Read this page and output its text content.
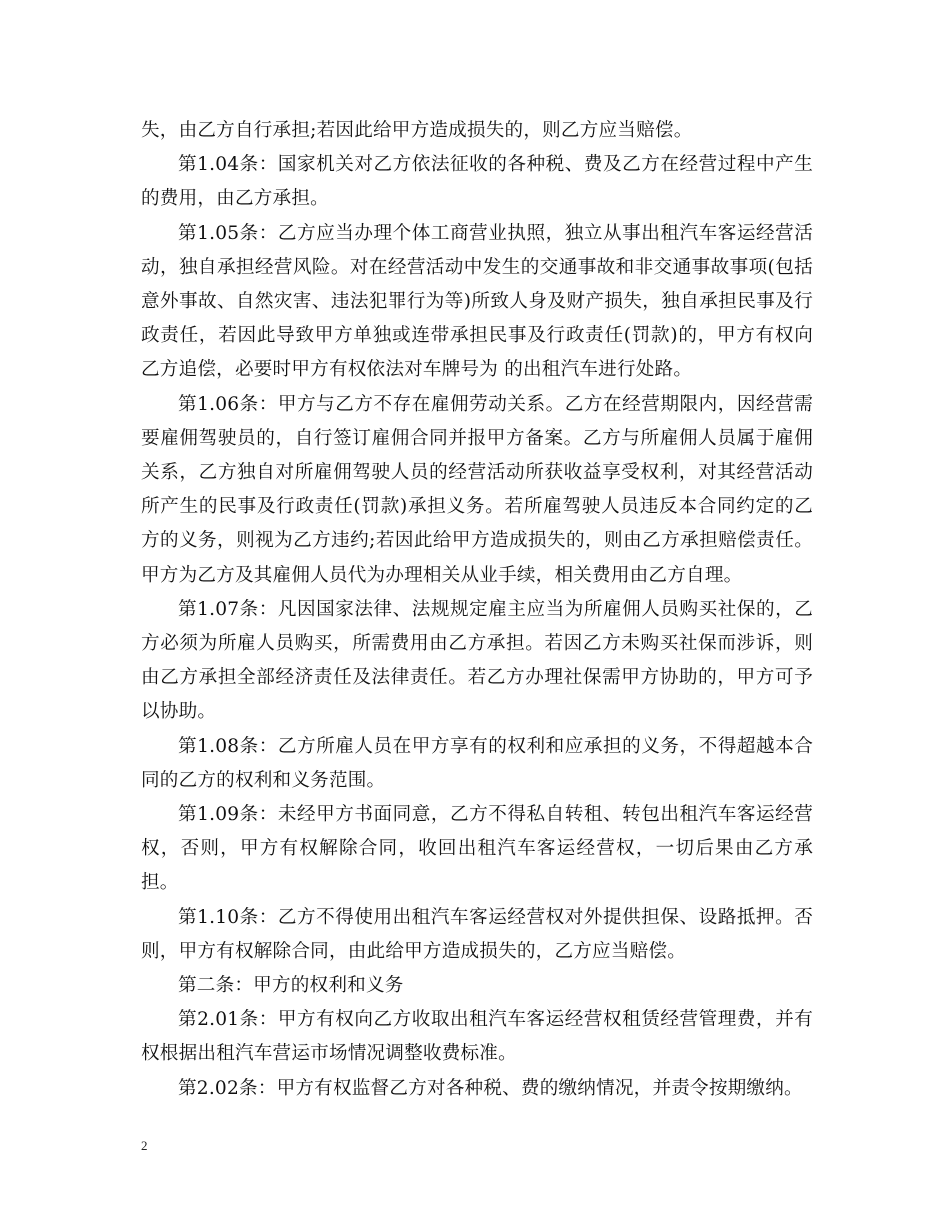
失，由乙方自行承担;若因此给甲方造成损失的，则乙方应当赔偿。

第1.04条：国家机关对乙方依法征收的各种税、费及乙方在经营过程中产生的费用，由乙方承担。

第1.05条：乙方应当办理个体工商营业执照，独立从事出租汽车客运经营活动，独自承担经营风险。对在经营活动中发生的交通事故和非交通事故事项(包括意外事故、自然灾害、违法犯罪行为等)所致人身及财产损失，独自承担民事及行政责任，若因此导致甲方单独或连带承担民事及行政责任(罚款)的，甲方有权向乙方追偿，必要时甲方有权依法对车牌号为 的出租汽车进行处路。

第1.06条：甲方与乙方不存在雇佣劳动关系。乙方在经营期限内，因经营需要雇佣驾驶员的，自行签订雇佣合同并报甲方备案。乙方与所雇佣人员属于雇佣关系，乙方独自对所雇佣驾驶人员的经营活动所获收益享受权利，对其经营活动所产生的民事及行政责任(罚款)承担义务。若所雇驾驶人员违反本合同约定的乙方的义务，则视为乙方违约;若因此给甲方造成损失的，则由乙方承担赔偿责任。甲方为乙方及其雇佣人员代为办理相关从业手续，相关费用由乙方自理。

第1.07条：凡因国家法律、法规规定雇主应当为所雇佣人员购买社保的，乙方必须为所雇人员购买，所需费用由乙方承担。若因乙方未购买社保而涉诉，则由乙方承担全部经济责任及法律责任。若乙方办理社保需甲方协助的，甲方可予以协助。

第1.08条：乙方所雇人员在甲方享有的权利和应承担的义务，不得超越本合同的乙方的权利和义务范围。

第1.09条：未经甲方书面同意，乙方不得私自转租、转包出租汽车客运经营权，否则，甲方有权解除合同，收回出租汽车客运经营权，一切后果由乙方承担。

第1.10条：乙方不得使用出租汽车客运经营权对外提供担保、设路抵押。否则，甲方有权解除合同，由此给甲方造成损失的，乙方应当赔偿。

第二条：甲方的权利和义务

第2.01条：甲方有权向乙方收取出租汽车客运经营权租赁经营管理费，并有权根据出租汽车营运市场情况调整收费标准。

第2.02条：甲方有权监督乙方对各种税、费的缴纳情况，并责令按期缴纳。

2
